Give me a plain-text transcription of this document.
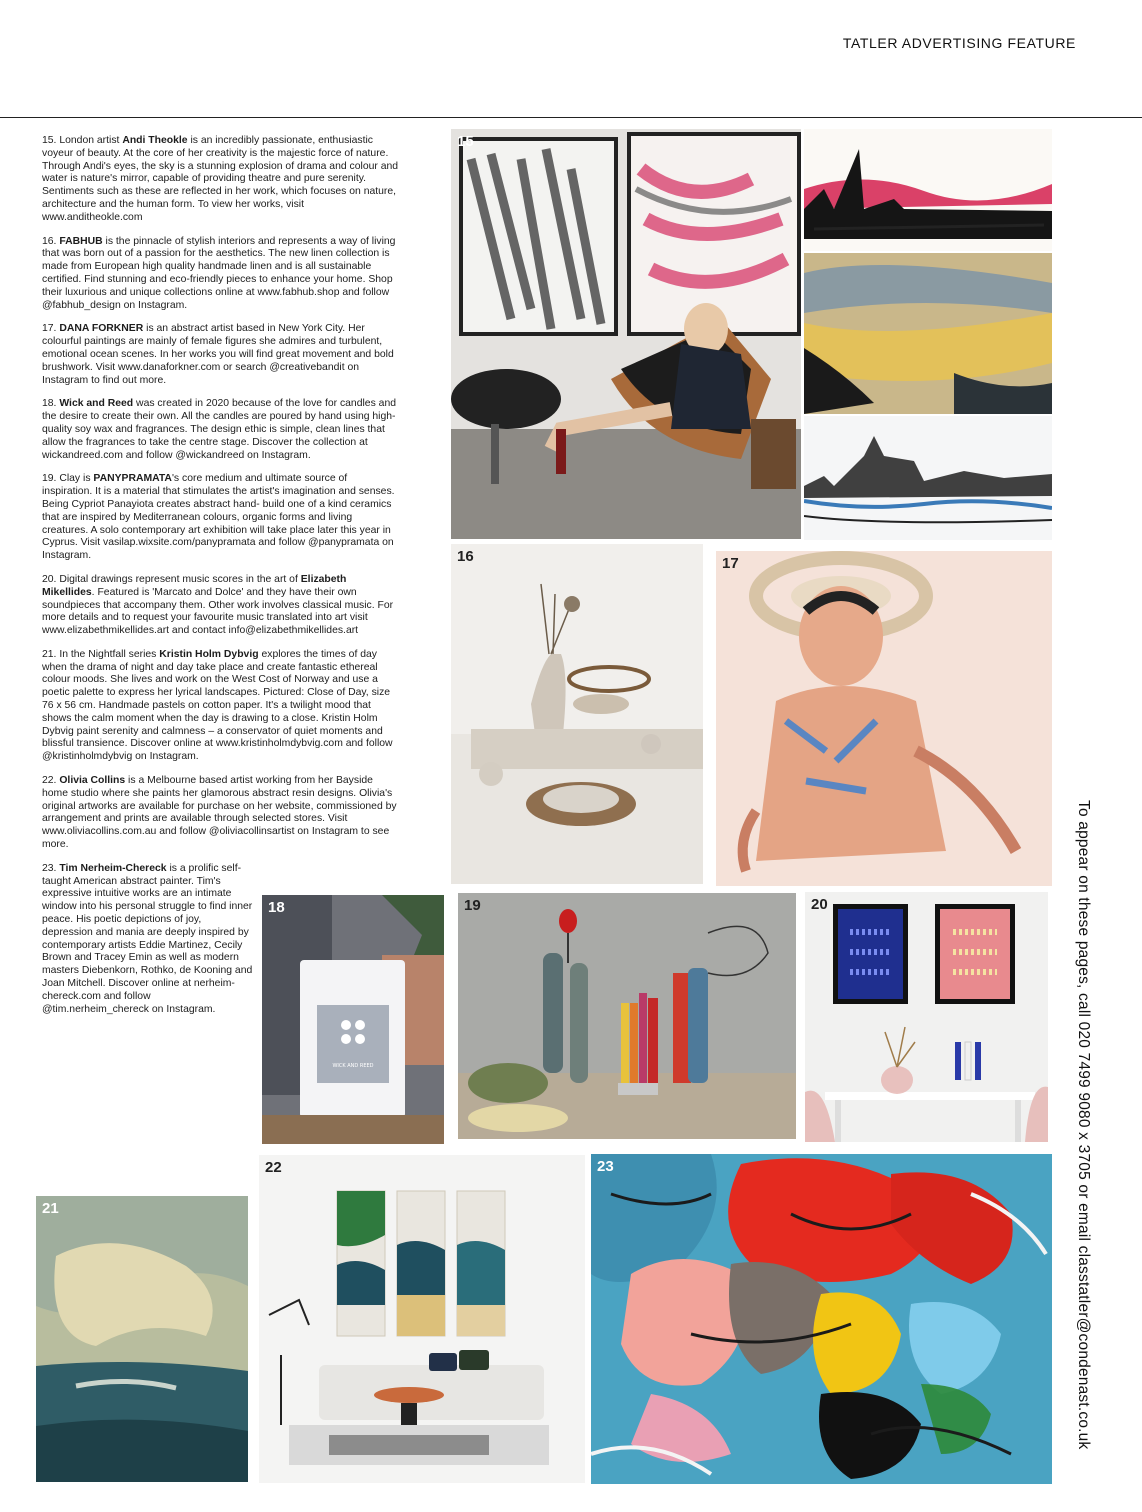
TATLER ADVERTISING FEATURE
To appear on these pages, call 020 7499 9080 x 3705 or email classtatler@condenast.co.uk

15. London artist Andi Theokle is an incredibly passionate, enthusiastic voyeur of beauty. At the core of her creativity is the majestic force of nature. Through Andi's eyes, the sky is a stunning explosion of drama and colour and water is nature's mirror, capable of providing theatre and pure serenity. Sentiments such as these are reflected in her work, which focuses on nature, architecture and the human form. To view her works, visit www.anditheokle.com

16. FABHUB is the pinnacle of stylish interiors and represents a way of living that was born out of a passion for the aesthetics. The new linen collection is made from European high quality handmade linen and is all sustainable certified. Find stunning and eco-friendly pieces to enhance your home. Shop their luxurious and unique collections online at www.fabhub.shop and follow @fabhub_design on Instagram.

17. DANA FORKNER is an abstract artist based in New York City. Her colourful paintings are mainly of female figures she admires and turbulent, emotional ocean scenes. In her works you will find great movement and bold brushwork. Visit www.danaforkner.com or search @creativebandit on Instagram to find out more.

18. Wick and Reed was created in 2020 because of the love for candles and the desire to create their own. All the candles are poured by hand using high-quality soy wax and fragrances. The design ethic is simple, clean lines that allow the fragrances to take the centre stage. Discover the collection at wickandreed.com and follow @wickandreed on Instagram.

19. Clay is PANYPRAMATA's core medium and ultimate source of inspiration. It is a material that stimulates the artist's imagination and senses. Being Cypriot Panayiota creates abstract hand- build one of a kind ceramics that are inspired by Mediterranean colours, organic forms and living creatures. A solo contemporary art exhibition will take place later this year in Cyprus. Visit vasilap.wixsite.com/panypramata and follow @panypramata on Instagram.

20. Digital drawings represent music scores in the art of Elizabeth Mikellides. Featured is 'Marcato and Dolce' and they have their own soundpieces that accompany them. Other work involves classical music. For more details and to request your favourite music translated into art visit www.elizabethmikellides.art and contact info@elizabethmikellides.art

21. In the Nightfall series Kristin Holm Dybvig explores the times of day when the drama of night and day take place and create fantastic ethereal colour moods. She lives and work on the West Cost of Norway and use a poetic palette to express her lyrical landscapes. Pictured: Close of Day, size 76 x 56 cm. Handmade pastels on cotton paper. It's a twilight mood that shows the calm moment when the day is drawing to a close. Kristin Holm Dybvig paint serenity and calmness – a conservator of quiet moments and blissful transience. Discover online at www.kristinholmdybvig.com and follow @kristinholmdybvig on Instagram.

22. Olivia Collins is a Melbourne based artist working from her Bayside home studio where she paints her glamorous abstract resin designs. Olivia's original artworks are available for purchase on her website, commissioned by arrangement and prints are available through selected stores. Visit www.oliviacollins.com.au and follow @oliviacollinsartist on Instagram to see more.

23. Tim Nerheim-Chereck is a prolific self-taught American abstract painter. Tim's expressive intuitive works are an intimate window into his personal struggle to find inner peace. His poetic depictions of joy, depression and mania are deeply inspired by contemporary artists Eddie Martinez, Cecily Brown and Tracey Emin as well as modern masters Diebenkorn, Rothko, de Kooning and Joan Mitchell. Discover online at nerheim-chereck.com and follow @tim.nerheim_chereck on Instagram.

15
16	17
WICK AND REED
18	19	20
21
22	23
